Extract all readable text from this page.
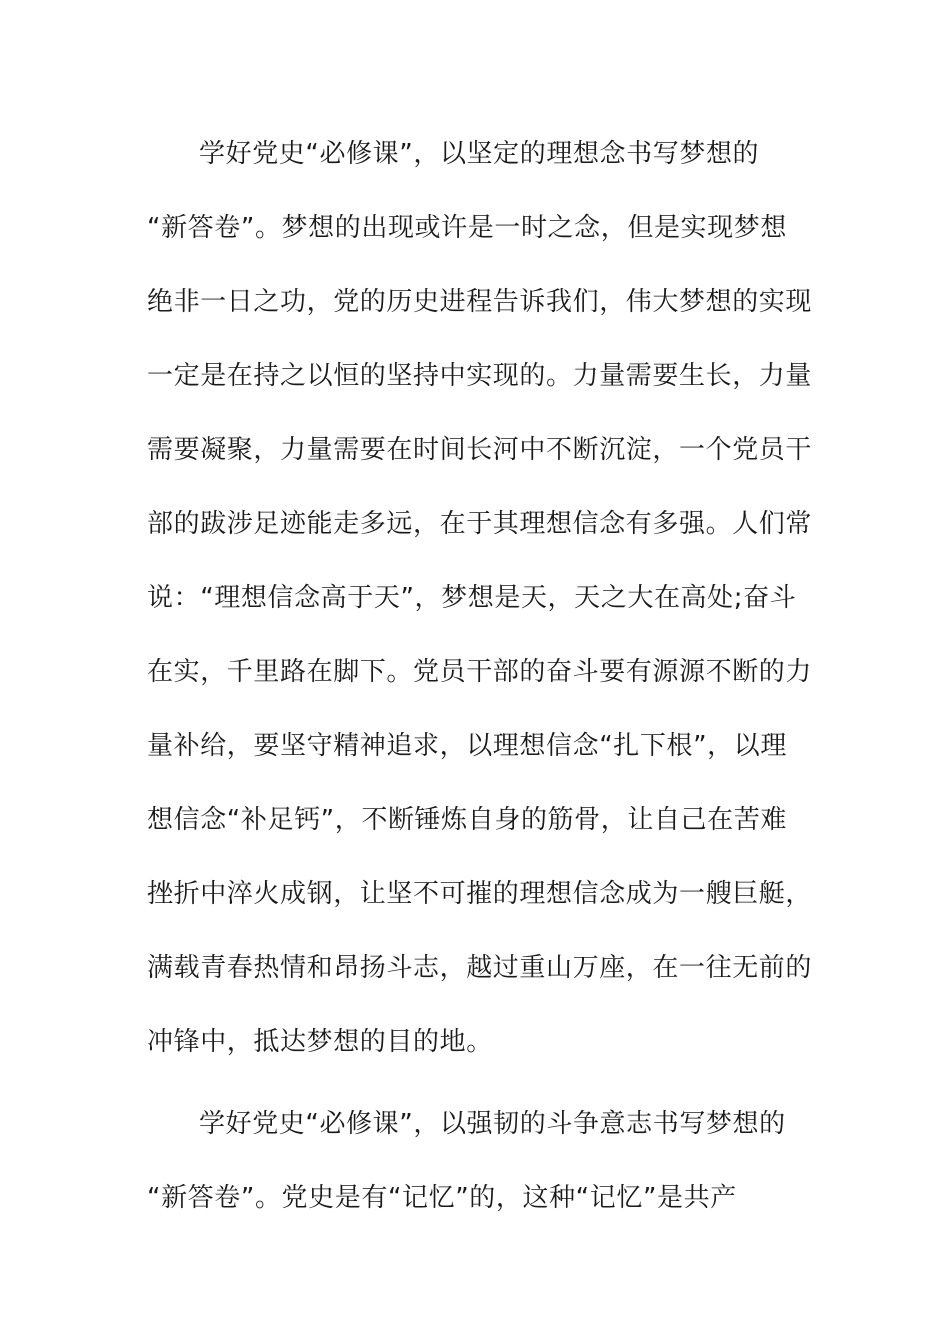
学好党史“必修课”，以坚定的理想念书写梦想的
“新答卷”。梦想的出现或许是一时之念，但是实现梦想
绝非一日之功，党的历史进程告诉我们，伟大梦想的实现
一定是在持之以恒的坚持中实现的。力量需要生长，力量
需要凝聚，力量需要在时间长河中不断沉淀，一个党员干
部的跋涉足迹能走多远，在于其理想信念有多强。人们常
说：“理想信念高于天”，梦想是天，天之大在高处;奋斗
在实，千里路在脚下。党员干部的奋斗要有源源不断的力
量补给，要坚守精神追求，以理想信念“扎下根”，以理
想信念“补足钙”，不断锤炼自身的筋骨，让自己在苦难
挫折中淬火成钢，让坚不可摧的理想信念成为一艘巨艇，
满载青春热情和昂扬斗志，越过重山万座，在一往无前的
冲锋中，抵达梦想的目的地。
学好党史“必修课”，以强韧的斗争意志书写梦想的
“新答卷”。党史是有“记忆”的，这种“记忆”是共产
